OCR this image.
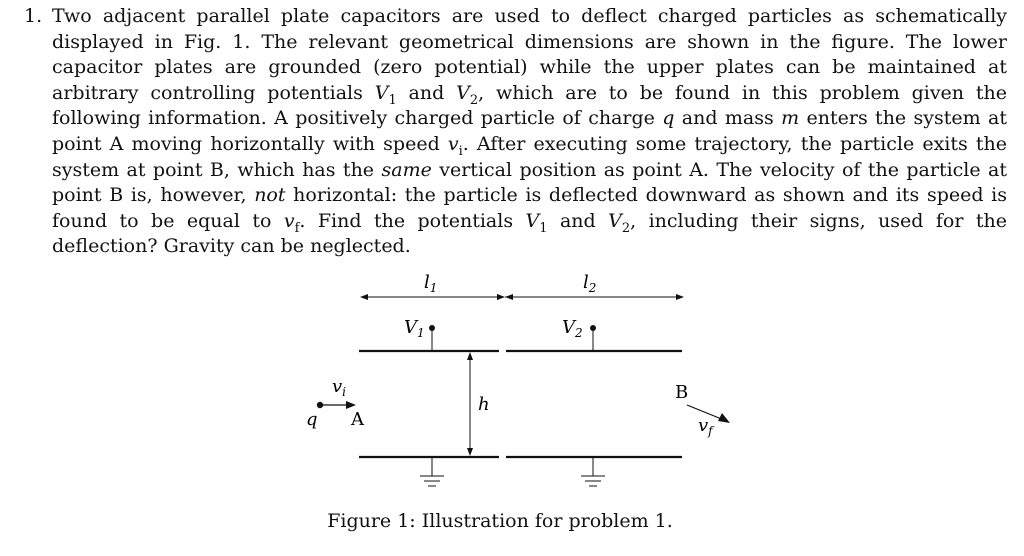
1. Two adjacent parallel plate capacitors are used to deflect charged particles as schematically displayed in Fig. 1. The relevant geometrical dimensions are shown in the figure. The lower capacitor plates are grounded (zero potential) while the upper plates can be maintained at arbitrary controlling potentials $V_1$ and $V_2$, which are to be found in this problem given the following information. A positively charged particle of charge q and mass m enters the system at point A moving horizontally with speed $v_i$. After executing some trajectory, the particle exits the system at point B, which has the same vertical position as point A. The velocity of the particle at point B is, however, not horizontal: the particle is deflected downward as shown and its speed is found to be equal to $v_f$. Find the potentials $V_1$ and $V_2$, including their signs, used for the deflection? Gravity can be neglected.
$l_1$	$l_2$
$V_1$	$V_2$
h
$v_i$
q A
B
$v_f$
Figure 1: Illustration for problem 1.
